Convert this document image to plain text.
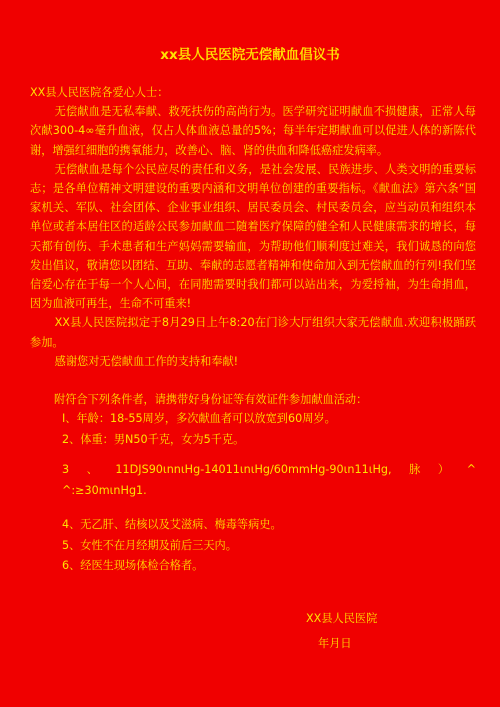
xx县人民医院无偿献血倡议书

XX县人民医院各爱心人士：

无偿献血是无私奉献、救死扶伤的高尚行为。医学研究证明献血不损健康，正常人每次献300-4∞毫升血液，仅占人体血液总量的5%；每半年定期献血可以促进人体的新陈代谢，增强红细胞的携氧能力，改善心、脑、肾的供血和降低癌症发病率。

无偿献血是每个公民应尽的责任和义务，是社会发展、民族进步、人类文明的重要标志；是各单位精神文明建设的重要内涵和文明单位创建的重要指标。《献血法》第六条“国家机关、军队、社会团体、企业事业组织、居民委员会、村民委员会，应当动员和组织本单位或者本居住区的适龄公民参加献血二随着医疗保障的健全和人民健康需求的增长，每天都有创伤、手术患者和生产妈妈需要输血，为帮助他们顺利度过难关，我们诚恳的向您发出倡议，敬请您以团结、互助、奉献的志愿者精神和使命加入到无偿献血的行列!我们坚信爱心存在于每一个人心间，在同胞需要时我们都可以站出来，为爱捋袖，为生命捐血，因为血液可再生，生命不可重来!

XX县人民医院拟定于8月29日上午8:20在门诊大厅组织大家无偿献血.欢迎积极踊跃参加。

感谢您对无偿献血工作的支持和奉献!

附符合下列条件者，请携带好身份证等有效证件参加献血活动：

I、年龄：18-55周岁，多次献血者可以放宽到60周岁。

2、体重：男N50千克，女为5千克。

3、11DJS90ιnnιHg-14011ιnιHg∕60mmHg-90ιn11ιHg,脉）^ ^:≥30mιnHg1.

4、无乙肝、结核以及艾滋病、梅毒等病史。

5、女性不在月经期及前后三天内。

6、经医生现场体检合格者。

XX县人民医院
年月日
